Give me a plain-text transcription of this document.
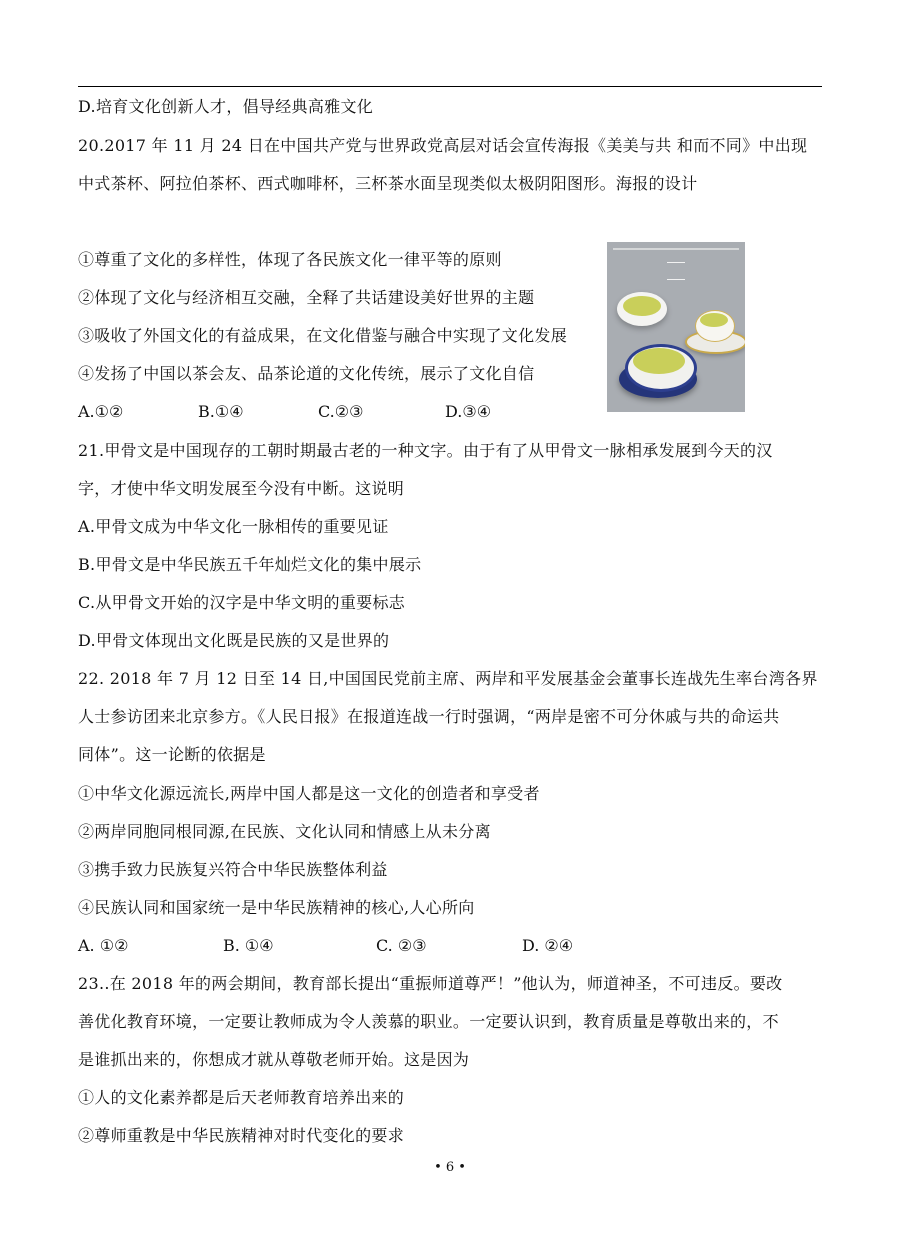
D.培育文化创新人才，倡导经典高雅文化
20.2017 年 11 月 24 日在中国共产党与世界政党高层对话会宣传海报《美美与共 和而不同》中出现
中式茶杯、阿拉伯茶杯、西式咖啡杯，三杯茶水面呈现类似太极阴阳图形。海报的设计
①尊重了文化的多样性，体现了各民族文化一律平等的原则
②体现了文化与经济相互交融，全释了共话建设美好世界的主题
③吸收了外国文化的有益成果，在文化借鉴与融合中实现了文化发展
④发扬了中国以茶会友、品茶论道的文化传统，展示了文化自信
A.①②	B.①④	C.②③	D.③④
21.甲骨文是中国现存的工朝时期最古老的一种文字。由于有了从甲骨文一脉相承发展到今天的汉
字，才使中华文明发展至今没有中断。这说明
A.甲骨文成为中华文化一脉相传的重要见证
B.甲骨文是中华民族五千年灿烂文化的集中展示
C.从甲骨文开始的汉字是中华文明的重要标志
D.甲骨文体现出文化既是民族的又是世界的
22. 2018 年 7 月 12 日至 14 日,中国国民党前主席、两岸和平发展基金会董事长连战先生率台湾各界
人士参访团来北京参方。《人民日报》在报道连战一行时强调，“两岸是密不可分休戚与共的命运共
同体”。这一论断的依据是
①中华文化源远流长,两岸中国人都是这一文化的创造者和享受者
②两岸同胞同根同源,在民族、文化认同和情感上从未分离
③携手致力民族复兴符合中华民族整体利益
④民族认同和国家统一是中华民族精神的核心,人心所向
A. ①②	B. ①④	C. ②③	D. ②④
23..在 2018 年的两会期间，教育部长提出“重振师道尊严！”他认为，师道神圣，不可违反。要改
善优化教育环境，一定要让教师成为令人羡慕的职业。一定要认识到，教育质量是尊敬出来的，不
是谁抓出来的，你想成才就从尊敬老师开始。这是因为
①人的文化素养都是后天老师教育培养出来的
②尊师重教是中华民族精神对时代变化的要求
• 6 •
